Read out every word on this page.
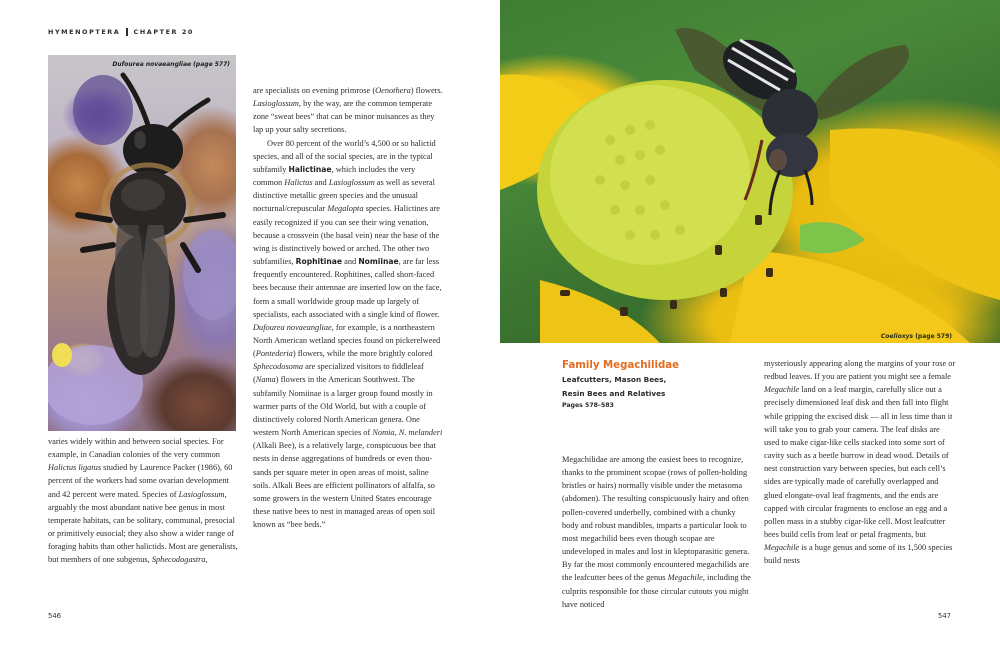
HYMENOPTERA CHAPTER 20
Dufourea novaeangliae (page 577)

varies widely within and between social species. For example, in Canadian colonies of the very common Halictus ligatus studied by Laurence Packer (1986), 60 percent of the workers had some ovarian development and 42 percent were mated. Species of Lasioglossum, arguably the most abundant native bee genus in most temperate habitats, can be solitary, communal, presocial or primitively eusocial; they also show a wider range of foraging habits than other halictids. Most are generalists, but members of one subgenus, Sphecodogastra,

are specialists on evening primrose (Oenothera) flowers. Lasioglossum, by the way, are the common temperate zone “sweat bees” that can be minor nuisances as they lap up your salty secretions.

Over 80 percent of the world’s 4,500 or so halictid species, and all of the social species, are in the typical subfamily Halictinae, which includes the very common Halictus and Lasioglossum as well as several distinctive metallic green species and the unusual nocturnal/crepuscular Megalopta species. Halictines are easily recognized if you can see their wing venation, because a crossvein (the basal vein) near the base of the wing is distinctively bowed or arched. The other two subfamilies, Rophitinae and Nomiinae, are far less frequently encountered. Rophitines, called short-faced bees because their antennae are inserted low on the face, form a small worldwide group made up largely of specialists, each associated with a single kind of flower. Dufourea novaeangliae, for example, is a northeastern North American wetland species found on pickerelweed (Pontederia) flowers, while the more brightly colored Sphecodosoma are specialized visitors to fiddleleaf (Nama) flowers in the American Southwest. The subfamily Nomiinae is a larger group found mostly in warmer parts of the Old World, but with a couple of distinctively colored North American genera. One western North American species of Nomia, N. melanderi (Alkali Bee), is a relatively large, conspicuous bee that nests in dense aggregations of hundreds or even thousands per square meter in open areas of moist, saline soils. Alkali Bees are efficient pollinators of alfalfa, so some growers in the western United States encourage these native bees to nest in managed areas of open soil known as “bee beds.”

546
Coelioxys (page 579)
Family Megachilidae
Leafcutters, Mason Bees,
Resin Bees and Relatives
Pages 578–583

Megachilidae are among the easiest bees to recognize, thanks to the prominent scopae (rows of pollen-holding bristles or hairs) normally visible under the metasoma (abdomen). The resulting conspicuously hairy and often pollen-covered underbelly, combined with a chunky body and robust mandibles, imparts a particular look to most megachilid bees even though scopae are undeveloped in males and lost in kleptoparasitic genera. By far the most commonly encountered megachilids are the leafcutter bees of the genus Megachile, including the culprits responsible for those circular cutouts you might have noticed

mysteriously appearing along the margins of your rose or redbud leaves. If you are patient you might see a female Megachile land on a leaf margin, carefully slice out a precisely dimensioned leaf disk and then fall into flight while gripping the excised disk — all in less time than it will take you to grab your camera. The leaf disks are used to make cigar-like cells stacked into some sort of cavity such as a beetle burrow in dead wood. Details of nest construction vary between species, but each cell’s sides are typically made of carefully overlapped and glued elongate-oval leaf fragments, and the ends are capped with circular fragments to enclose an egg and a pollen mass in a stubby cigar-like cell. Most leafcutter bees build cells from leaf or petal fragments, but Megachile is a huge genus and some of its 1,500 species build nests

547
